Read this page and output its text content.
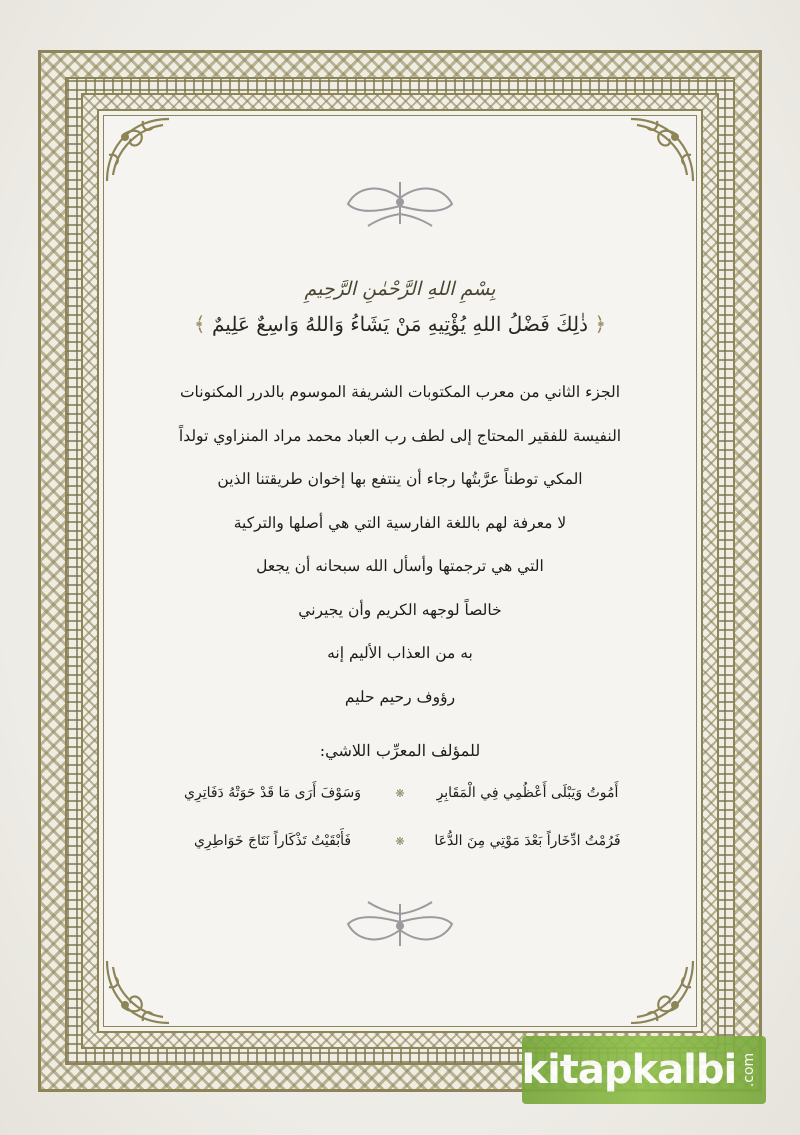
بِسْمِ اللهِ الرَّحْمٰنِ الرَّحِيمِ
﴿ ذٰلِكَ فَضْلُ اللهِ يُؤْتِيهِ مَنْ يَشَاءُ وَاللهُ وَاسِعٌ عَلِيمٌ ﴾
الجزء الثاني من معرب المكتوبات الشريفة الموسوم بالدرر المكنونات
النفيسة للفقير المحتاج إلى لطف رب العباد محمد مراد المنزاوي تولداً
المكي توطناً عرَّبتُها رجاء أن ينتفع بها إخوان طريقتنا الذين
لا معرفة لهم باللغة الفارسية التي هي أصلها والتركية
التي هي ترجمتها وأسأل الله سبحانه أن يجعل
خالصاً لوجهه الكريم وأن يجيرني
به من العذاب الأليم إنه
رؤوف رحيم حليم
للمؤلف المعرِّب اللاشي:
أَمُوتُ وَيَبْلَى أَعْظُمِي فِي الْمَقَابِرِ
❋
وَسَوْفَ أَرَى مَا قَدْ حَوَتْهُ دَفَاتِرِي
فَرُمْتُ ادِّخَاراً بَعْدَ مَوْتِي مِنَ الدُّعَا
❋
فَأَبْقَيْتُ تَذْكَاراً نَتَاجَ خَوَاطِرِي
kitapkalbi .com
